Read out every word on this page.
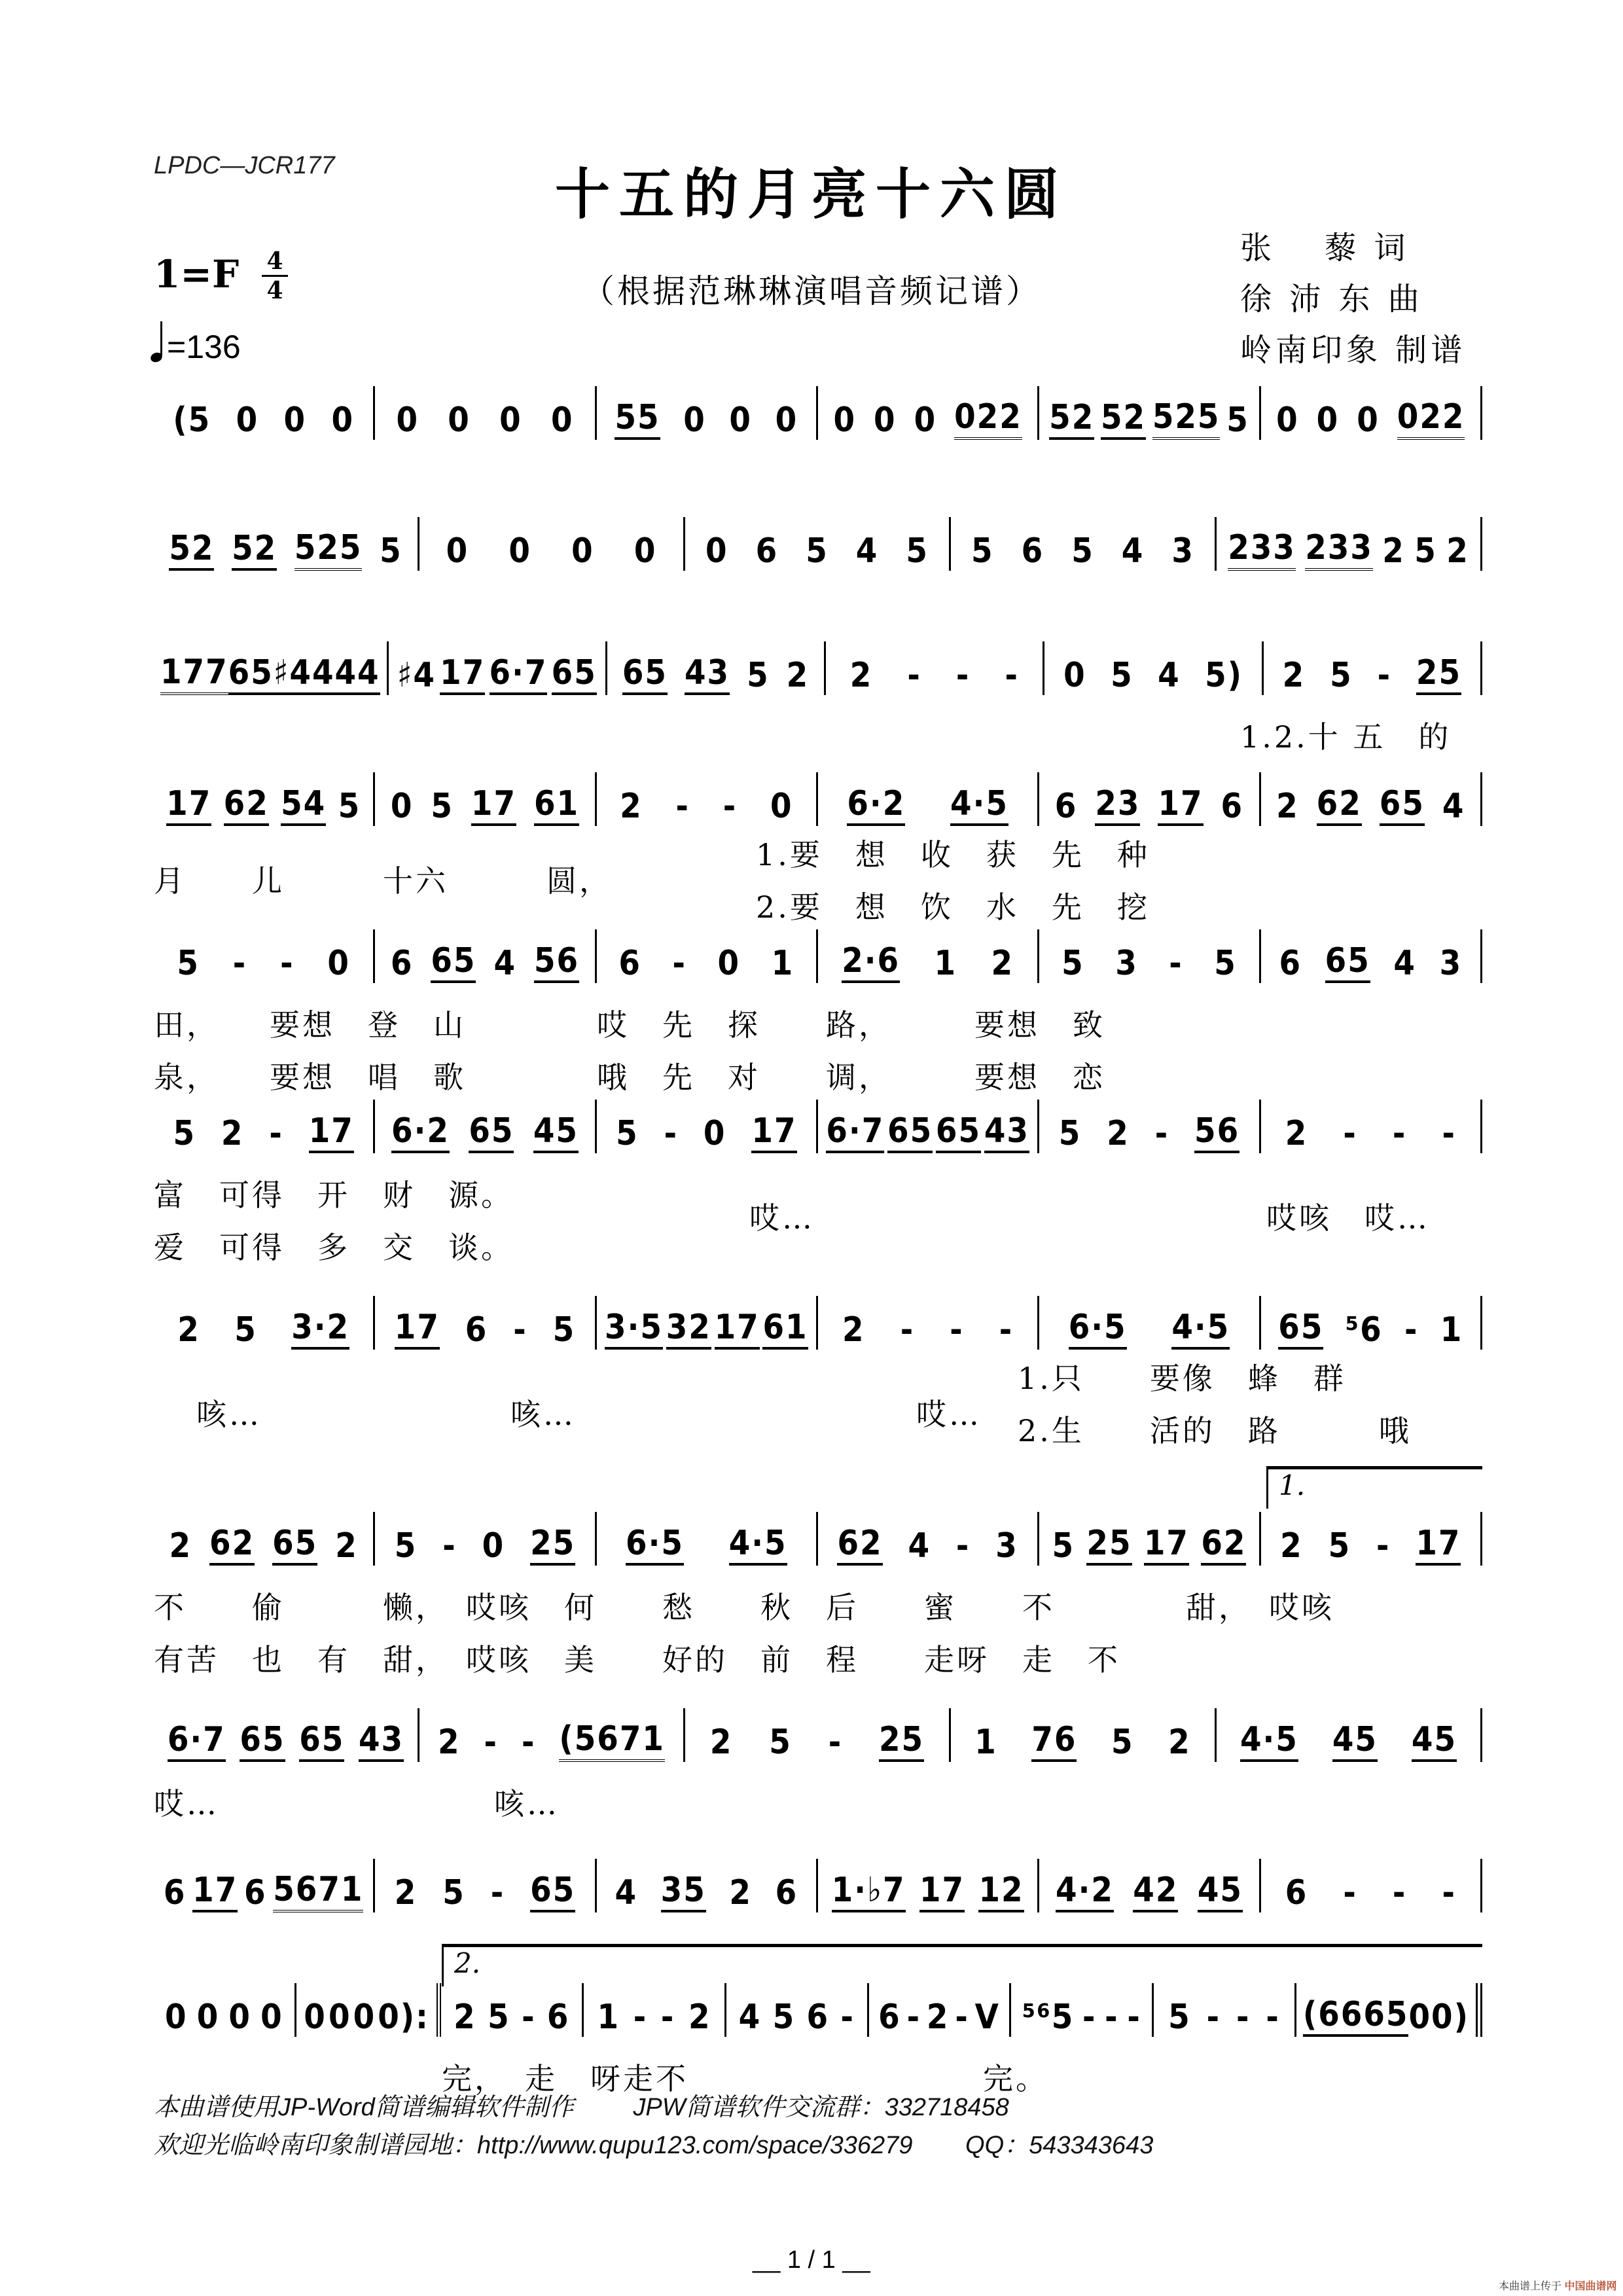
LPDC—JCR177	十五的月亮十六圆
（根据范琳琳演唱音频记谱）
1=F 4
4
=136
张　 藜 词
徐 沛 东 曲
岭南印象 制谱
(5 0 0 0 0 0 0 0 55 0 0 0 0 0 0 022 52 52 525 5 0 0 0 022
52 52 525 5 0 0 0 0 0 6 5 4 5 5 6 5 4 3 233 233 2 5 2
177 65 ♯44 44 ♯4 17 6·7 65 65 43 5 2 2 - - - 0 5 4 5) 2 5 - 25
1.2.十 五　的
17 62 54 5 0 5 17 61 2 - - 0 6·2 4·5 6 23 17 6 2 62 65 4
月　　儿　　　十六　　　圆，
1.要　想　收　获　先　种
2.要　想　饮　水　先　挖
5 - - 0 6 65 4 56 6 - 0 1 2·6 1 2 5 3 - 5 6 65 4 3
田，　　要想　登　山　　　　哎　先　探　　路，　　　要想　致
泉，　　要想　唱　歌　　　　哦　先　对　　调，　　　要想　恋
5 2 - 17 6·2 65 45 5 - 0 17 6·7 65 65 43 5 2 - 56 2 - - -
富　可得　开　财　源。
爱　可得　多　交　谈。
哎…	哎咳　哎…
2 5 3·2 17 6 - 5 3·5 32 17 61 2 - - - 6·5 4·5 65 ⁵6 - 1
咳…	咳…	哎…
1.只　　要像　蜂　群
2.生　　活的　路　　　哦
2 62 65 2 5 - 0 25 6·5 4·5 62 4 - 3 5 25 17 62 2 5 - 17
1.
不　　偷　　　懒，　哎咳　何　　愁　　秋　后　　蜜　　不　　　　甜，　哎咳
有苦　也　有　甜，　哎咳　美　　好的　前　程　　走呀　走　不
6·7 65 65 43 2 - - (5671 2 5 - 25 1 76 5 2 4·5 45 45
哎…	咳…
6 17 6 5671 2 5 - 65 4 35 2 6 1·♭7 17 12 4·2 42 45 6 - - -
0 0 0 0 0 0 0 0): 2 5 - 6 1 - - 2 4 5 6 - 6 - 2 - V ⁵⁶5 - - - 5 - - - (66 65 0 0)
2.
完，　走　呀走不　　　　　　　　　完。
本曲谱使用JP-Word简谱编辑软件制作 JPW简谱软件交流群：332718458
欢迎光临岭南印象制谱园地：http://www.qupu123.com/space/336279 QQ：543343643
__ 1 / 1 __
本曲谱上传于 中国曲谱网
